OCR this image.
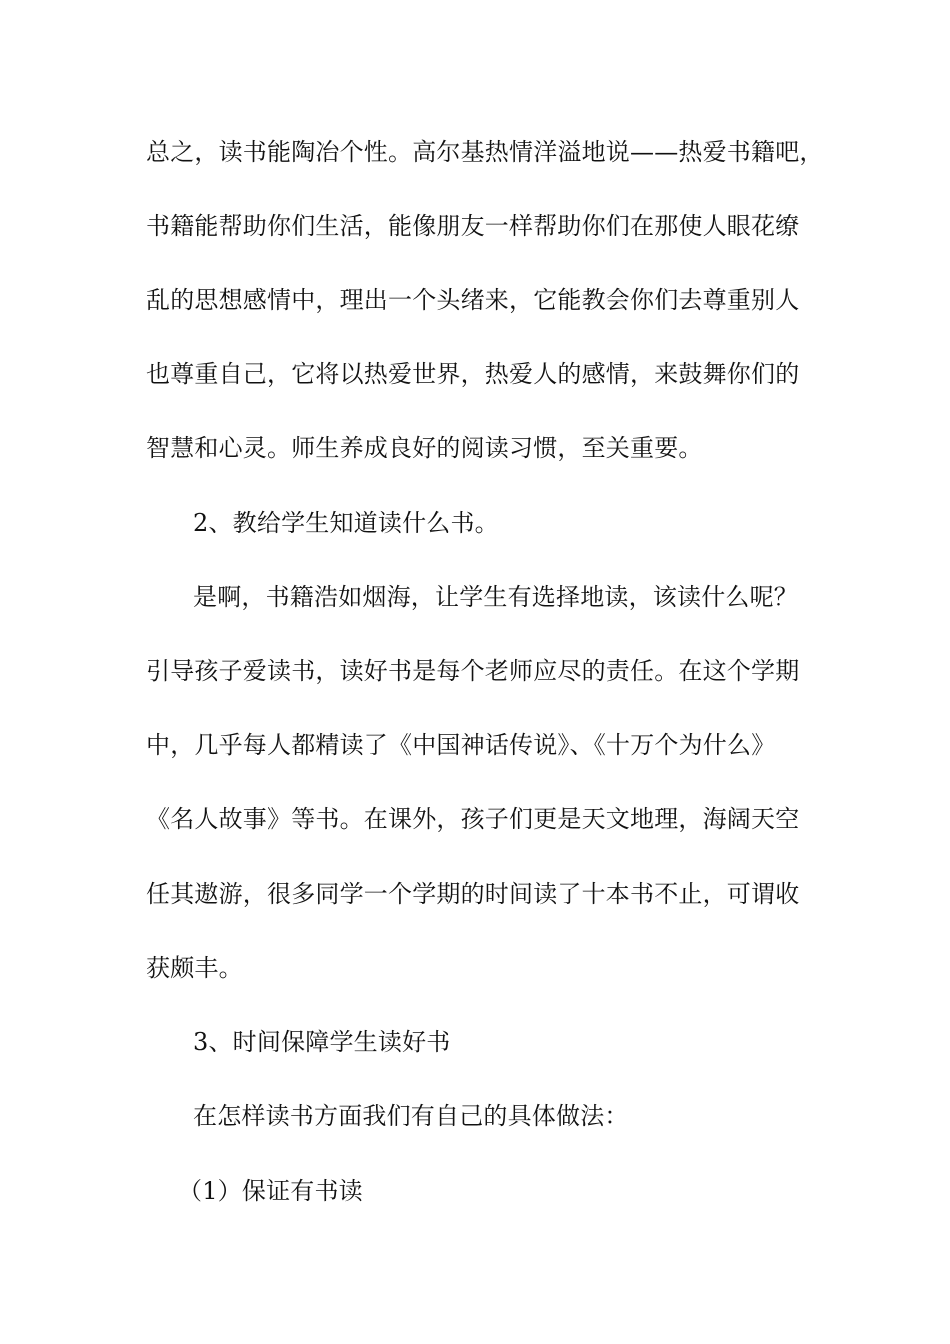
总之，读书能陶冶个性。高尔基热情洋溢地说——热爱书籍吧，
书籍能帮助你们生活，能像朋友一样帮助你们在那使人眼花缭
乱的思想感情中，理出一个头绪来，它能教会你们去尊重别人
也尊重自己，它将以热爱世界，热爱人的感情，来鼓舞你们的
智慧和心灵。师生养成良好的阅读习惯，至关重要。
2、教给学生知道读什么书。
是啊，书籍浩如烟海，让学生有选择地读，该读什么呢？
引导孩子爱读书，读好书是每个老师应尽的责任。在这个学期
中，几乎每人都精读了《中国神话传说》、《十万个为什么》
《名人故事》等书。在课外，孩子们更是天文地理，海阔天空
任其遨游，很多同学一个学期的时间读了十本书不止，可谓收
获颇丰。
3、时间保障学生读好书
在怎样读书方面我们有自己的具体做法：
（1）保证有书读
